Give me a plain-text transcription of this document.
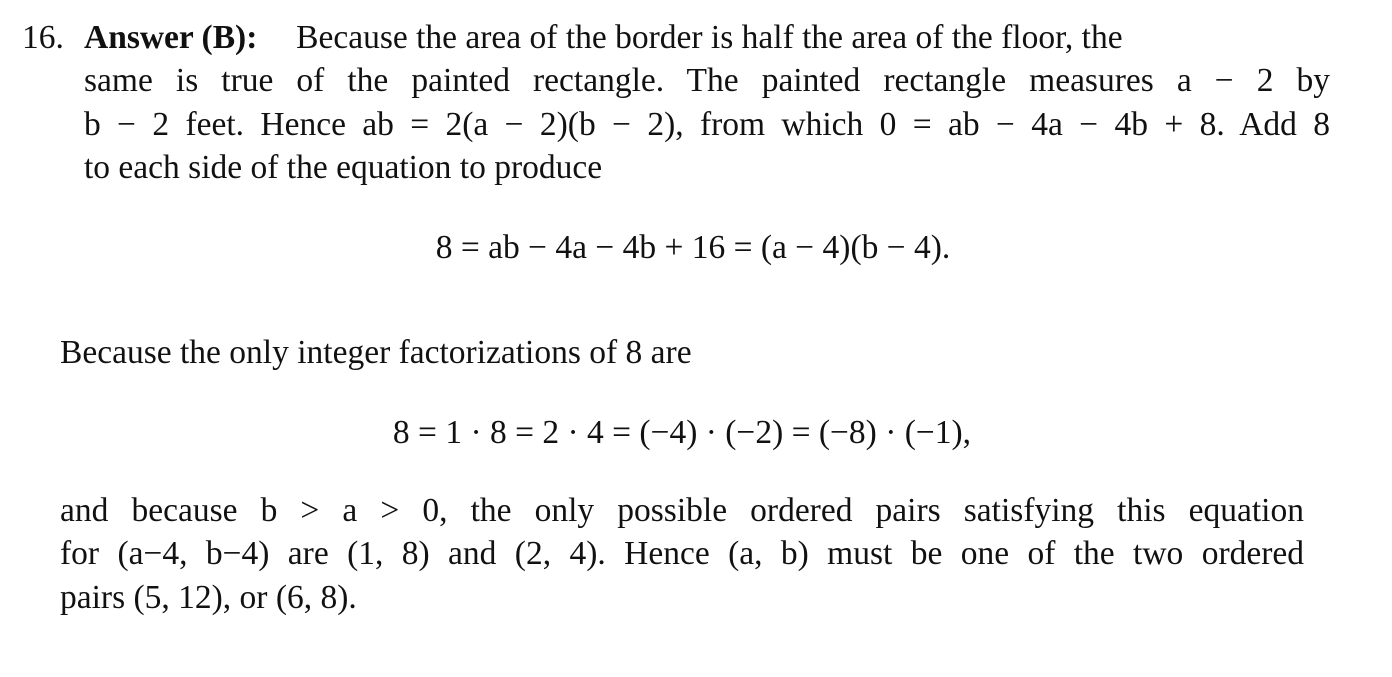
16. Answer (B): Because the area of the border is half the area of the floor, the
same is true of the painted rectangle. The painted rectangle measures a − 2 by
b − 2 feet. Hence ab = 2(a − 2)(b − 2), from which 0 = ab − 4a − 4b + 8. Add 8
to each side of the equation to produce
8 = ab − 4a − 4b + 16 = (a − 4)(b − 4).
Because the only integer factorizations of 8 are
8 = 1 · 8 = 2 · 4 = (−4) · (−2) = (−8) · (−1),
and because b > a > 0, the only possible ordered pairs satisfying this equation
for (a−4, b−4) are (1, 8) and (2, 4). Hence (a, b) must be one of the two ordered
pairs (5, 12), or (6, 8).
